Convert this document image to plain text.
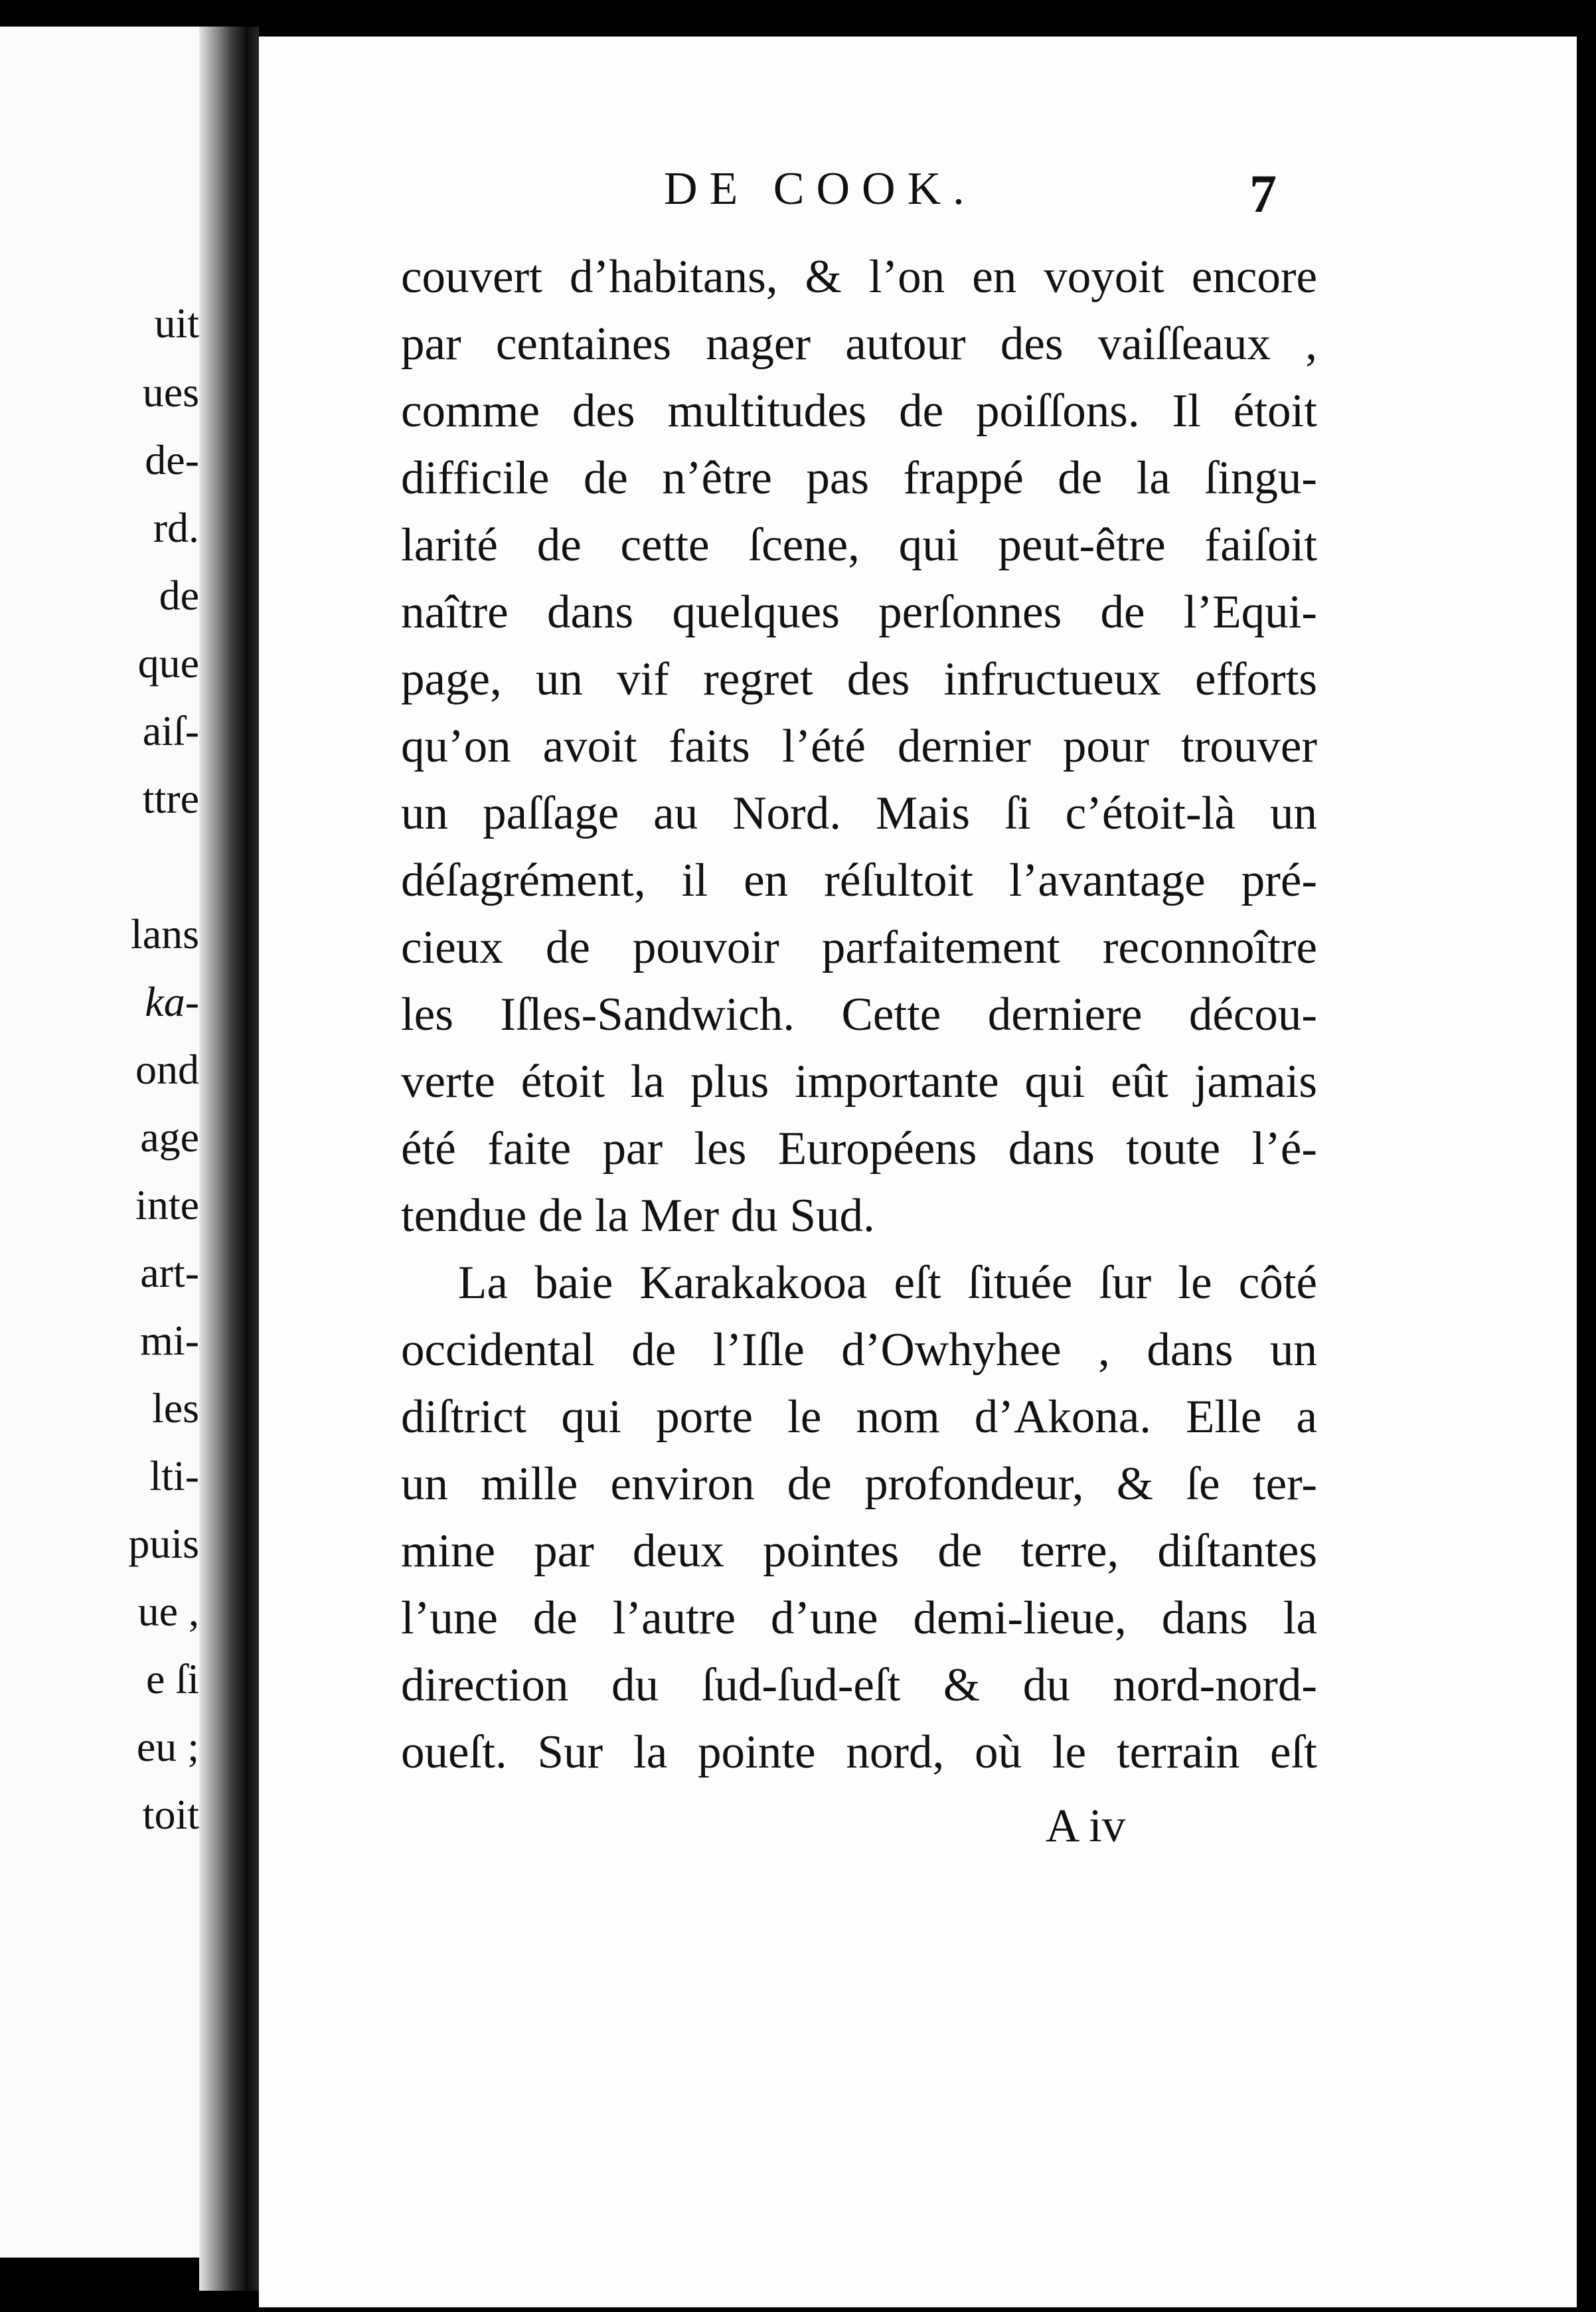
uit

ues

de-

rd.

de

que

aiſ-

ttre

lans

ka-

ond

age

inte

art-

mi-

les

lti-

puis

ue ,

e ſi

eu ;

toit

DE COOK.	7

couvert d’habitans, & l’on en voyoit encore
par centaines nager autour des vaiſſeaux ,
comme des multitudes de poiſſons. Il étoit
difficile de n’être pas frappé de la ſingu-
larité de cette ſcene, qui peut-être faiſoit
naître dans quelques perſonnes de l’Equi-
page, un vif regret des infructueux efforts
qu’on avoit faits l’été dernier pour trouver
un paſſage au Nord. Mais ſi c’étoit-là un
déſagrément, il en réſultoit l’avantage pré-
cieux de pouvoir parfaitement reconnoître
les Iſles-Sandwich. Cette derniere décou-
verte étoit la plus importante qui eût jamais
été faite par les Européens dans toute l’é-
tendue de la Mer du Sud.
La baie Karakakooa eſt ſituée ſur le côté
occidental de l’Iſle d’Owhyhee , dans un
diſtrict qui porte le nom d’Akona. Elle a
un mille environ de profondeur, & ſe ter-
mine par deux pointes de terre, diſtantes
l’une de l’autre d’une demi-lieue, dans la
direction du ſud-ſud-eſt & du nord-nord-
oueſt. Sur la pointe nord, où le terrain eſt

A iv
